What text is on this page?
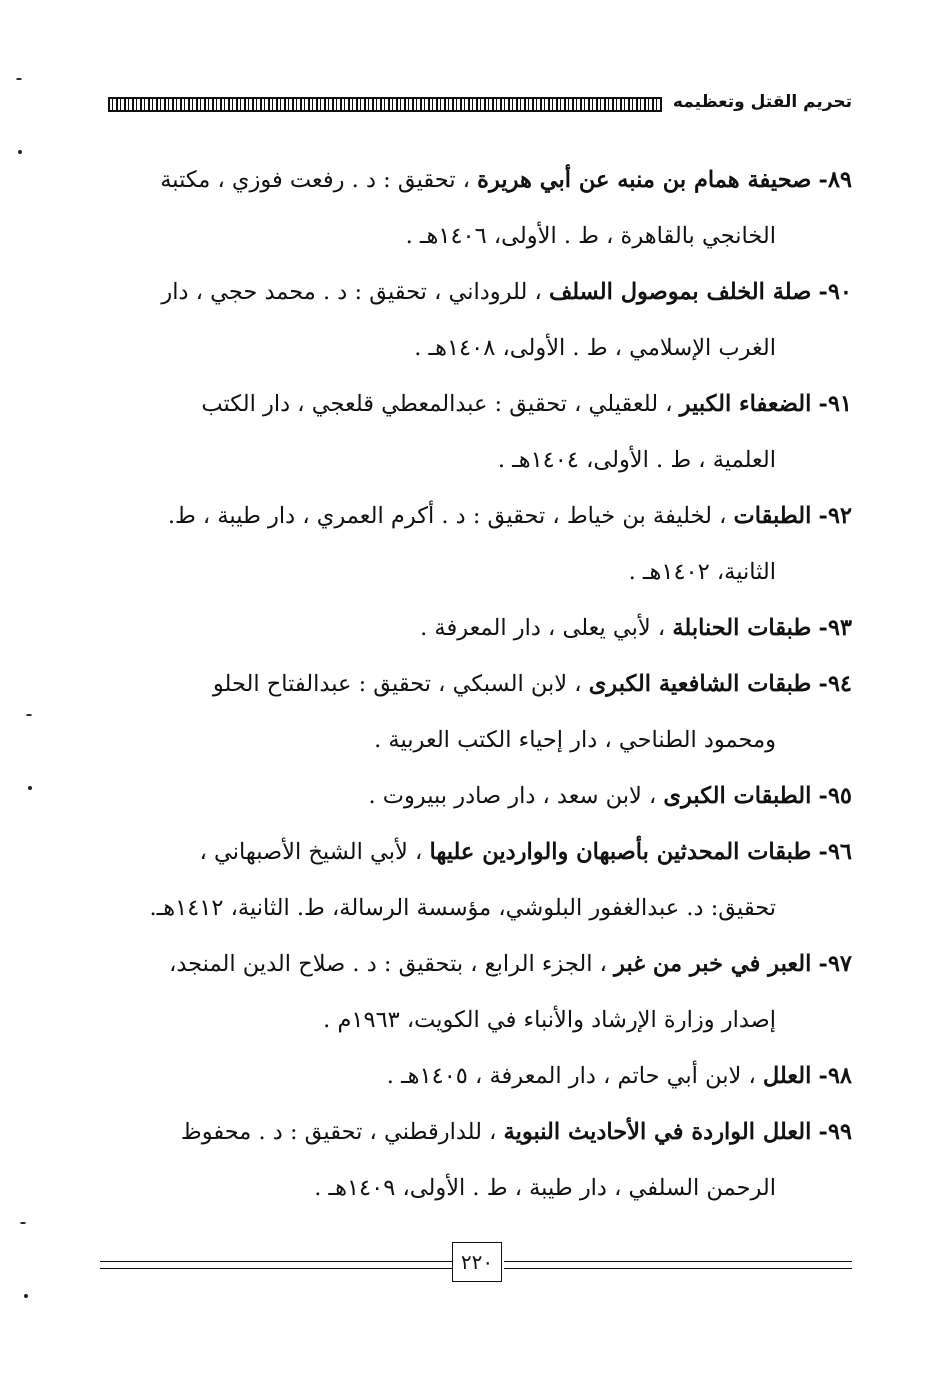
تحريم القتل وتعظيمه
٨٩- صحيفة همام بن منبه عن أبي هريرة ، تحقيق : د . رفعت فوزي ، مكتبة
الخانجي بالقاهرة ، ط . الأولى، ١٤٠٦هـ .
٩٠- صلة الخلف بموصول السلف ، للروداني ، تحقيق : د . محمد حجي ، دار
الغرب الإسلامي ، ط . الأولى، ١٤٠٨هـ .
٩١- الضعفاء الكبير ، للعقيلي ، تحقيق : عبدالمعطي قلعجي ، دار الكتب
العلمية ، ط . الأولى، ١٤٠٤هـ .
٩٢- الطبقات ، لخليفة بن خياط ، تحقيق : د . أكرم العمري ، دار طيبة ، ط.
الثانية، ١٤٠٢هـ .
٩٣- طبقات الحنابلة ، لأبي يعلى ، دار المعرفة .
٩٤- طبقات الشافعية الكبرى ، لابن السبكي ، تحقيق : عبدالفتاح الحلو
ومحمود الطناحي ، دار إحياء الكتب العربية .
٩٥- الطبقات الكبرى ، لابن سعد ، دار صادر ببيروت .
٩٦- طبقات المحدثين بأصبهان والواردين عليها ، لأبي الشيخ الأصبهاني ،
تحقيق: د. عبدالغفور البلوشي، مؤسسة الرسالة، ط. الثانية، ١٤١٢هـ.
٩٧- العبر في خبر من غبر ، الجزء الرابع ، بتحقيق : د . صلاح الدين المنجد،
إصدار وزارة الإرشاد والأنباء في الكويت، ١٩٦٣م .
٩٨- العلل ، لابن أبي حاتم ، دار المعرفة ، ١٤٠٥هـ .
٩٩- العلل الواردة في الأحاديث النبوية ، للدارقطني ، تحقيق : د . محفوظ
الرحمن السلفي ، دار طيبة ، ط . الأولى، ١٤٠٩هـ .
٢٢٠
